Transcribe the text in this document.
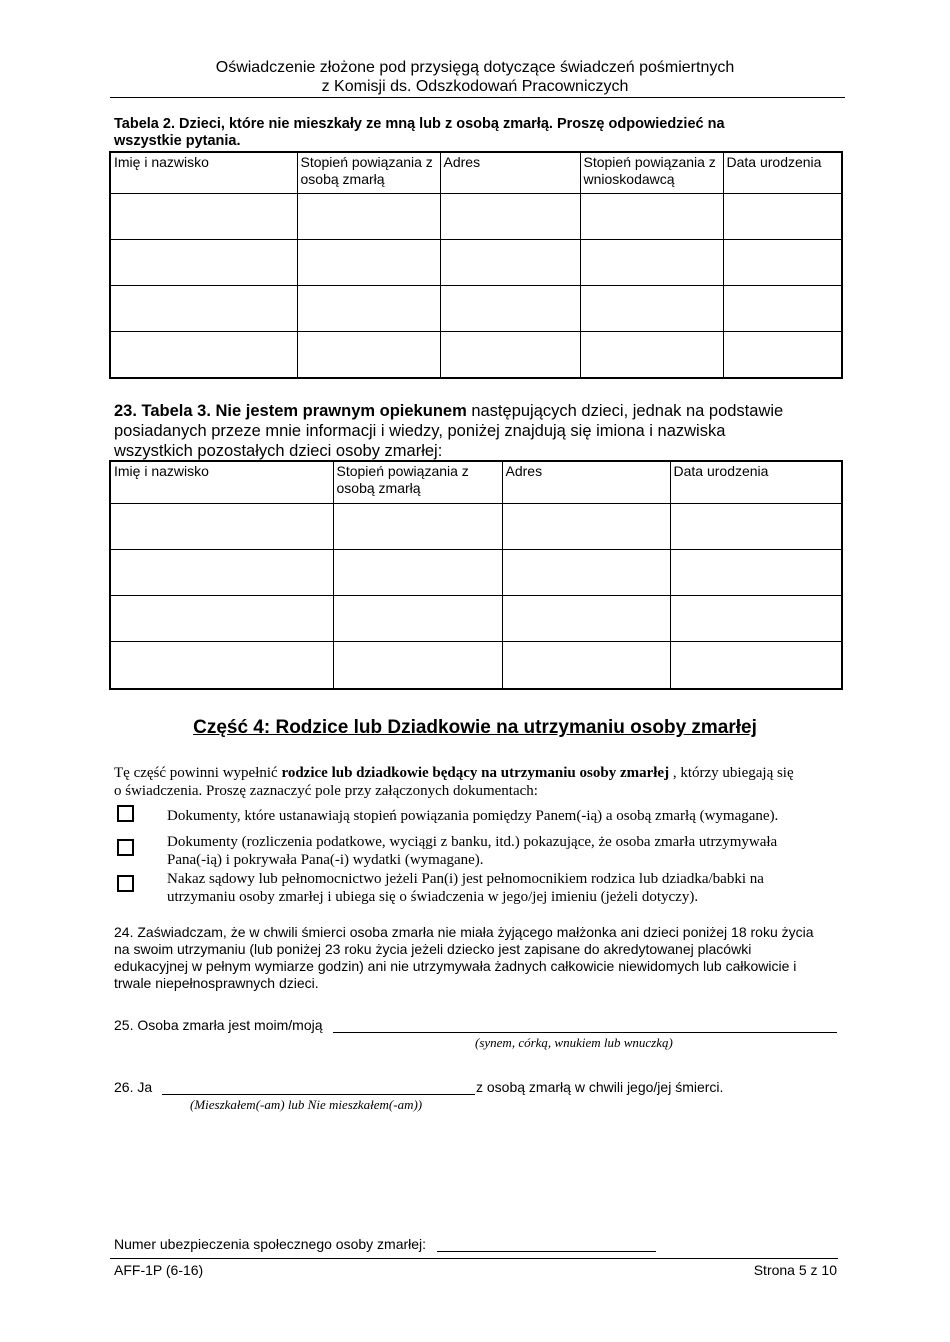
Oświadczenie złożone pod przysięgą dotyczące świadczeń pośmiertnych
z Komisji ds. Odszkodowań Pracowniczych
Tabela 2. Dzieci, które nie mieszkały ze mną lub z osobą zmarłą. Proszę odpowiedzieć na
wszystkie pytania.
Imię i nazwisko	Stopień powiązania z osobą zmarłą	Adres	Stopień powiązania z wnioskodawcą	Data urodzenia

23. Tabela 3. Nie jestem prawnym opiekunem następujących dzieci, jednak na podstawie
posiadanych przeze mnie informacji i wiedzy, poniżej znajdują się imiona i nazwiska
wszystkich pozostałych dzieci osoby zmarłej:
Imię i nazwisko	Stopień powiązania z osobą zmarłą	Adres	Data urodzenia

Część 4: Rodzice lub Dziadkowie na utrzymaniu osoby zmarłej
Tę część powinni wypełnić rodzice lub dziadkowie będący na utrzymaniu osoby zmarłej , którzy ubiegają się
o świadczenia. Proszę zaznaczyć pole przy załączonych dokumentach:
Dokumenty, które ustanawiają stopień powiązania pomiędzy Panem(-ią) a osobą zmarłą (wymagane).
Dokumenty (rozliczenia podatkowe, wyciągi z banku, itd.) pokazujące, że osoba zmarła utrzymywała
Pana(-ią) i pokrywała Pana(-i) wydatki (wymagane).
Nakaz sądowy lub pełnomocnictwo jeżeli Pan(i) jest pełnomocnikiem rodzica lub dziadka/babki na
utrzymaniu osoby zmarłej i ubiega się o świadczenia w jego/jej imieniu (jeżeli dotyczy).
24. Zaświadczam, że w chwili śmierci osoba zmarła nie miała żyjącego małżonka ani dzieci poniżej 18 roku życia
na swoim utrzymaniu (lub poniżej 23 roku życia jeżeli dziecko jest zapisane do akredytowanej placówki
edukacyjnej w pełnym wymiarze godzin) ani nie utrzymywała żadnych całkowicie niewidomych lub całkowicie i
trwale niepełnosprawnych dzieci.
25. Osoba zmarła jest moim/moją
(synem, córką, wnukiem lub wnuczką)
26. Ja	z osobą zmarłą w chwili jego/jej śmierci.
(Mieszkałem(-am) lub Nie mieszkałem(-am))
Numer ubezpieczenia społecznego osoby zmarłej:
AFF-1P (6-16)	Strona 5 z 10
